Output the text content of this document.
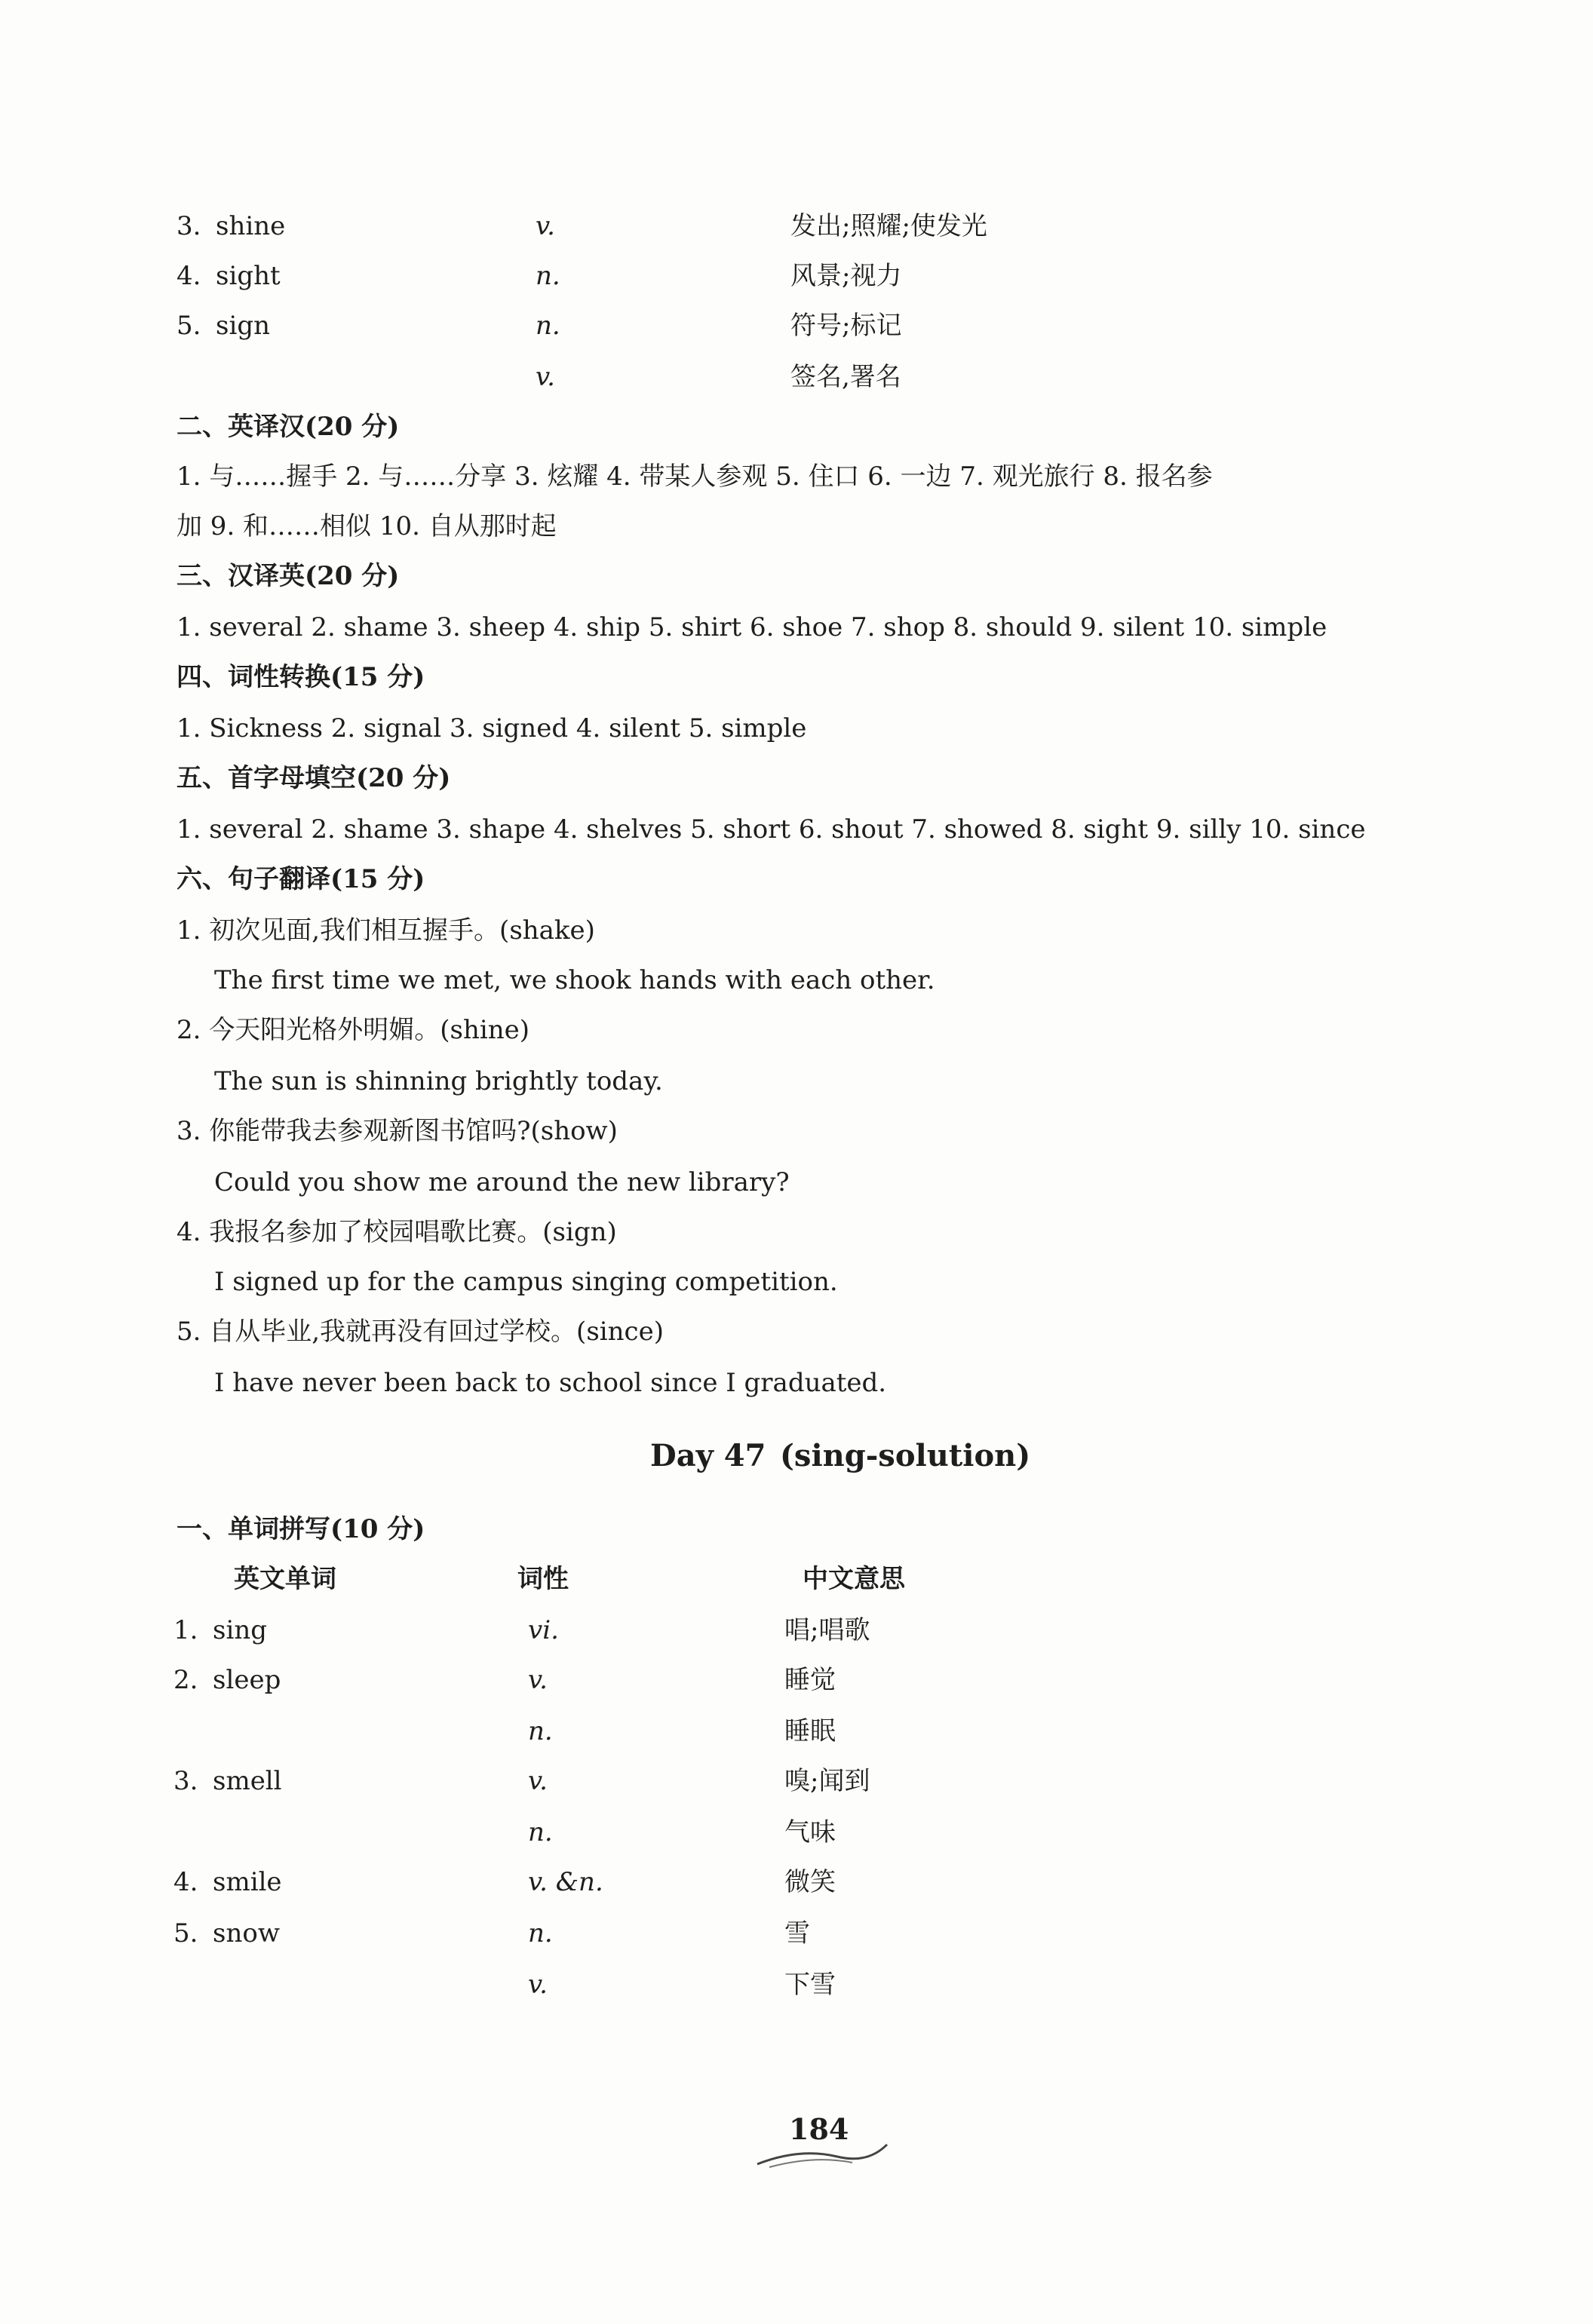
3. shine	v.	发出;照耀;使发光
4. sight	n.	风景;视力
5. sign	n.	符号;标记
v.	签名,署名
二、英译汉(20 分)
1. 与……握手 2. 与……分享 3. 炫耀 4. 带某人参观 5. 住口 6. 一边 7. 观光旅行 8. 报名参
加 9. 和……相似 10. 自从那时起
三、汉译英(20 分)
1. several 2. shame 3. sheep 4. ship 5. shirt 6. shoe 7. shop 8. should 9. silent 10. simple
四、词性转换(15 分)
1. Sickness 2. signal 3. signed 4. silent 5. simple
五、首字母填空(20 分)
1. several 2. shame 3. shape 4. shelves 5. short 6. shout 7. showed 8. sight 9. silly 10. since
六、句子翻译(15 分)
1. 初次见面,我们相互握手。(shake)
The first time we met, we shook hands with each other.
2. 今天阳光格外明媚。(shine)
The sun is shinning brightly today.
3. 你能带我去参观新图书馆吗?(show)
Could you show me around the new library?
4. 我报名参加了校园唱歌比赛。(sign)
I signed up for the campus singing competition.
5. 自从毕业,我就再没有回过学校。(since)
I have never been back to school since I graduated.
Day 47 (sing-solution)
一、单词拼写(10 分)
英文单词	词性	中文意思
1. sing	vi.	唱;唱歌
2. sleep	v.	睡觉
n.	睡眠
3. smell	v.	嗅;闻到
n.	气味
4. smile	v. &n.	微笑
5. snow	n.	雪
v.	下雪
184
